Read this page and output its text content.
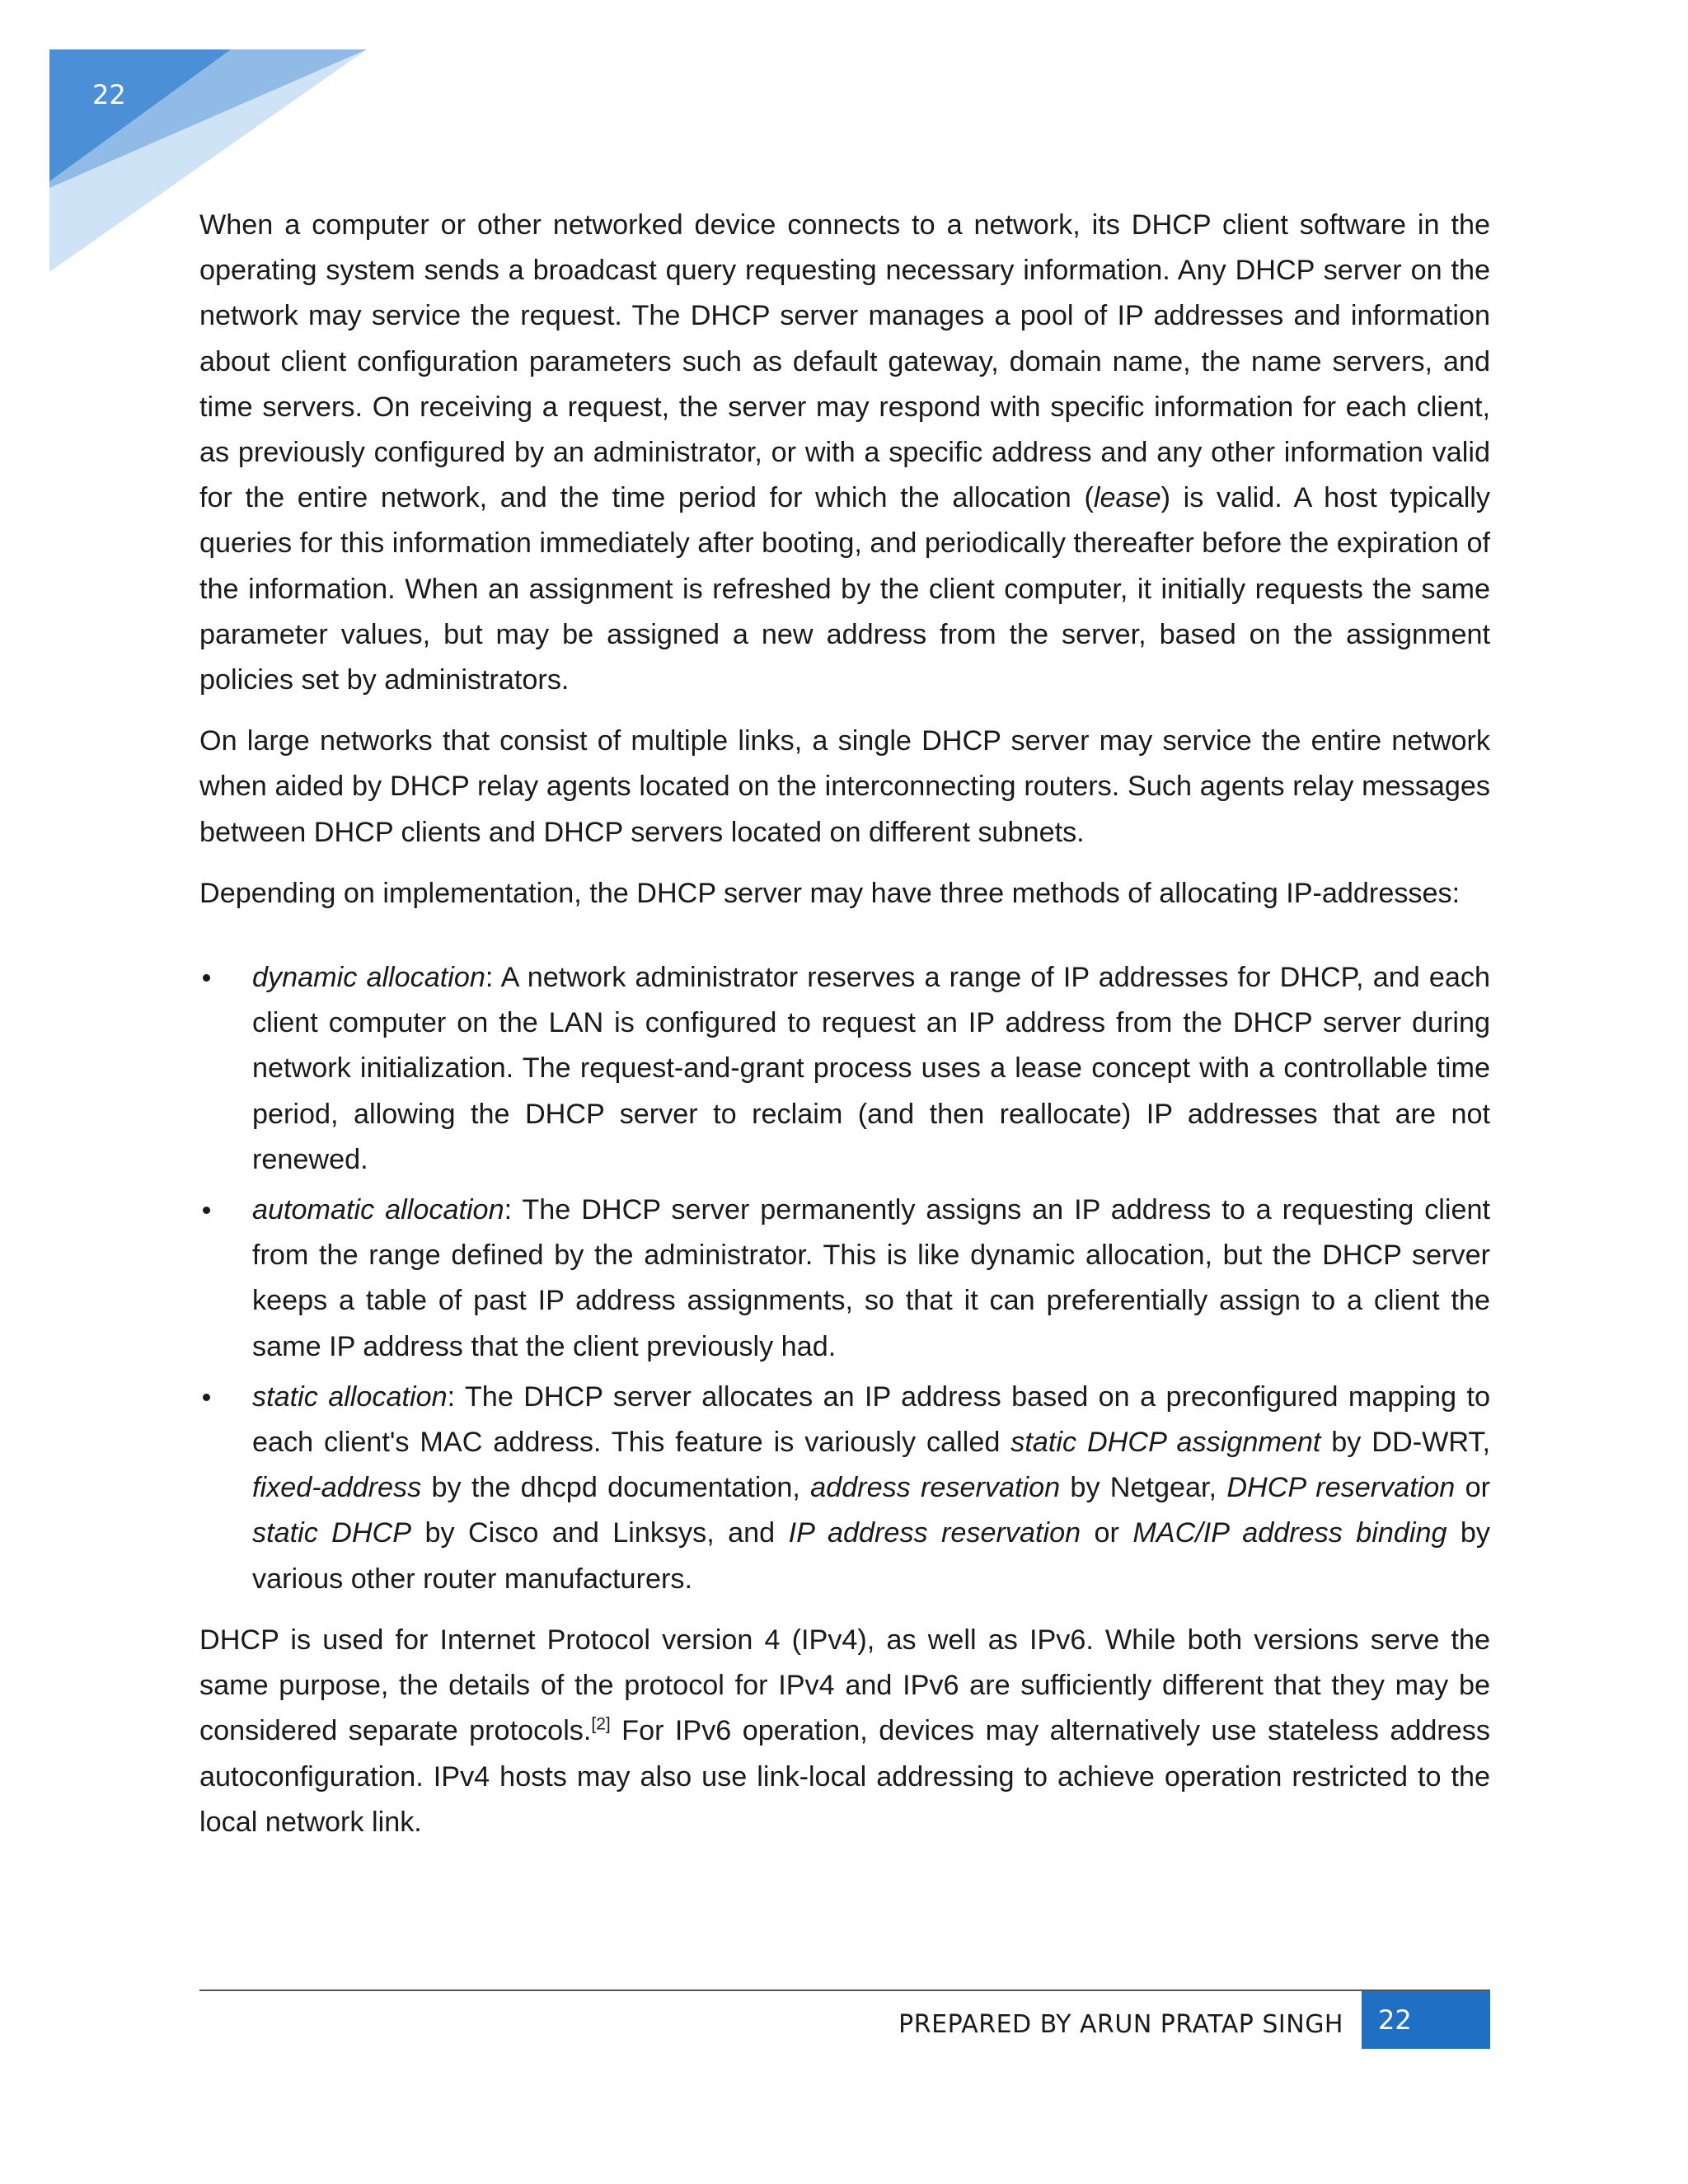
22

When a computer or other networked device connects to a network, its DHCP client software in the operating system sends a broadcast query requesting necessary information. Any DHCP server on the network may service the request. The DHCP server manages a pool of IP addresses and information about client configuration parameters such as default gateway, domain name, the name servers, and time servers. On receiving a request, the server may respond with specific information for each client, as previously configured by an administrator, or with a specific address and any other information valid for the entire network, and the time period for which the allocation (lease) is valid. A host typically queries for this information immediately after booting, and periodically thereafter before the expiration of the information. When an assignment is refreshed by the client computer, it initially requests the same parameter values, but may be assigned a new address from the server, based on the assignment policies set by administrators.

On large networks that consist of multiple links, a single DHCP server may service the entire network when aided by DHCP relay agents located on the interconnecting routers. Such agents relay messages between DHCP clients and DHCP servers located on different subnets.

Depending on implementation, the DHCP server may have three methods of allocating IP-addresses:

dynamic allocation: A network administrator reserves a range of IP addresses for DHCP, and each client computer on the LAN is configured to request an IP address from the DHCP server during network initialization. The request-and-grant process uses a lease concept with a controllable time period, allowing the DHCP server to reclaim (and then reallocate) IP addresses that are not renewed.
automatic allocation: The DHCP server permanently assigns an IP address to a requesting client from the range defined by the administrator. This is like dynamic allocation, but the DHCP server keeps a table of past IP address assignments, so that it can preferentially assign to a client the same IP address that the client previously had.
static allocation: The DHCP server allocates an IP address based on a preconfigured mapping to each client's MAC address. This feature is variously called static DHCP assignment by DD-WRT, fixed-address by the dhcpd documentation, address reservation by Netgear, DHCP reservation or static DHCP by Cisco and Linksys, and IP address reservation or MAC/IP address binding by various other router manufacturers.

DHCP is used for Internet Protocol version 4 (IPv4), as well as IPv6. While both versions serve the same purpose, the details of the protocol for IPv4 and IPv6 are sufficiently different that they may be considered separate protocols.[2] For IPv6 operation, devices may alternatively use stateless address autoconfiguration. IPv4 hosts may also use link-local addressing to achieve operation restricted to the local network link.

PREPARED BY ARUN PRATAP SINGH	22
